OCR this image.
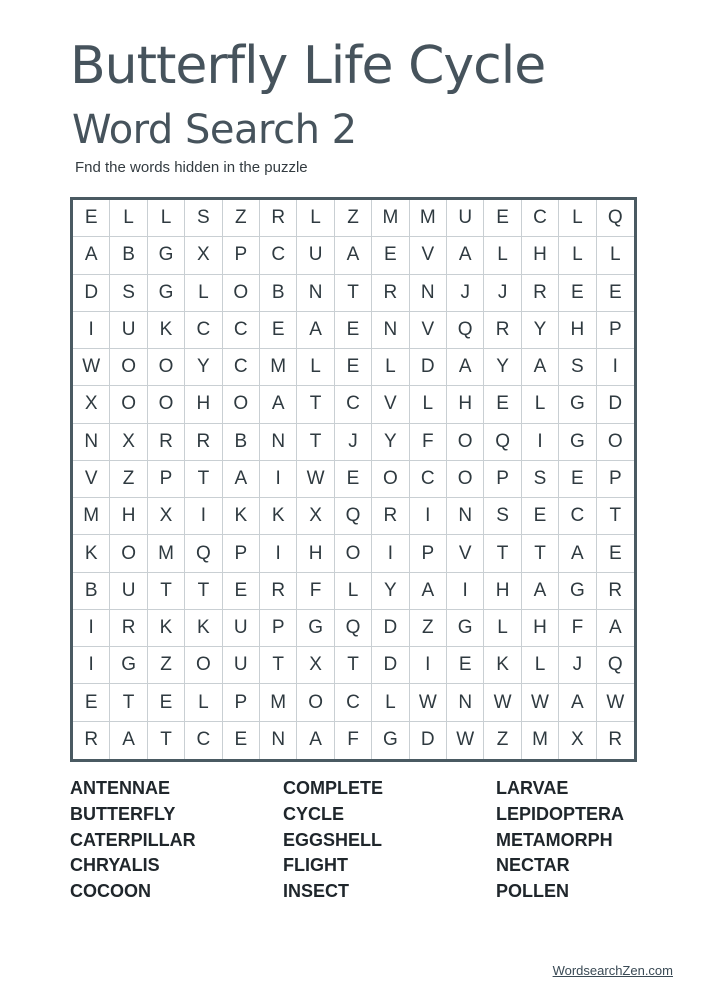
Butterfly Life Cycle
Word Search 2
Fnd the words hidden in the puzzle
E	L	L	S	Z	R	L	Z	M	M	U	E	C	L	Q
A	B	G	X	P	C	U	A	E	V	A	L	H	L	L
D	S	G	L	O	B	N	T	R	N	J	J	R	E	E
I	U	K	C	C	E	A	E	N	V	Q	R	Y	H	P
W	O	O	Y	C	M	L	E	L	D	A	Y	A	S	I
X	O	O	H	O	A	T	C	V	L	H	E	L	G	D
N	X	R	R	B	N	T	J	Y	F	O	Q	I	G	O
V	Z	P	T	A	I	W	E	O	C	O	P	S	E	P
M	H	X	I	K	K	X	Q	R	I	N	S	E	C	T
K	O	M	Q	P	I	H	O	I	P	V	T	T	A	E
B	U	T	T	E	R	F	L	Y	A	I	H	A	G	R
I	R	K	K	U	P	G	Q	D	Z	G	L	H	F	A
I	G	Z	O	U	T	X	T	D	I	E	K	L	J	Q
E	T	E	L	P	M	O	C	L	W	N	W	W	A	W
R	A	T	C	E	N	A	F	G	D	W	Z	M	X	R
ANTENNAE
BUTTERFLY
CATERPILLAR
CHRYALIS
COCOON
COMPLETE
CYCLE
EGGSHELL
FLIGHT
INSECT
LARVAE
LEPIDOPTERA
METAMORPH
NECTAR
POLLEN
WordsearchZen.com
